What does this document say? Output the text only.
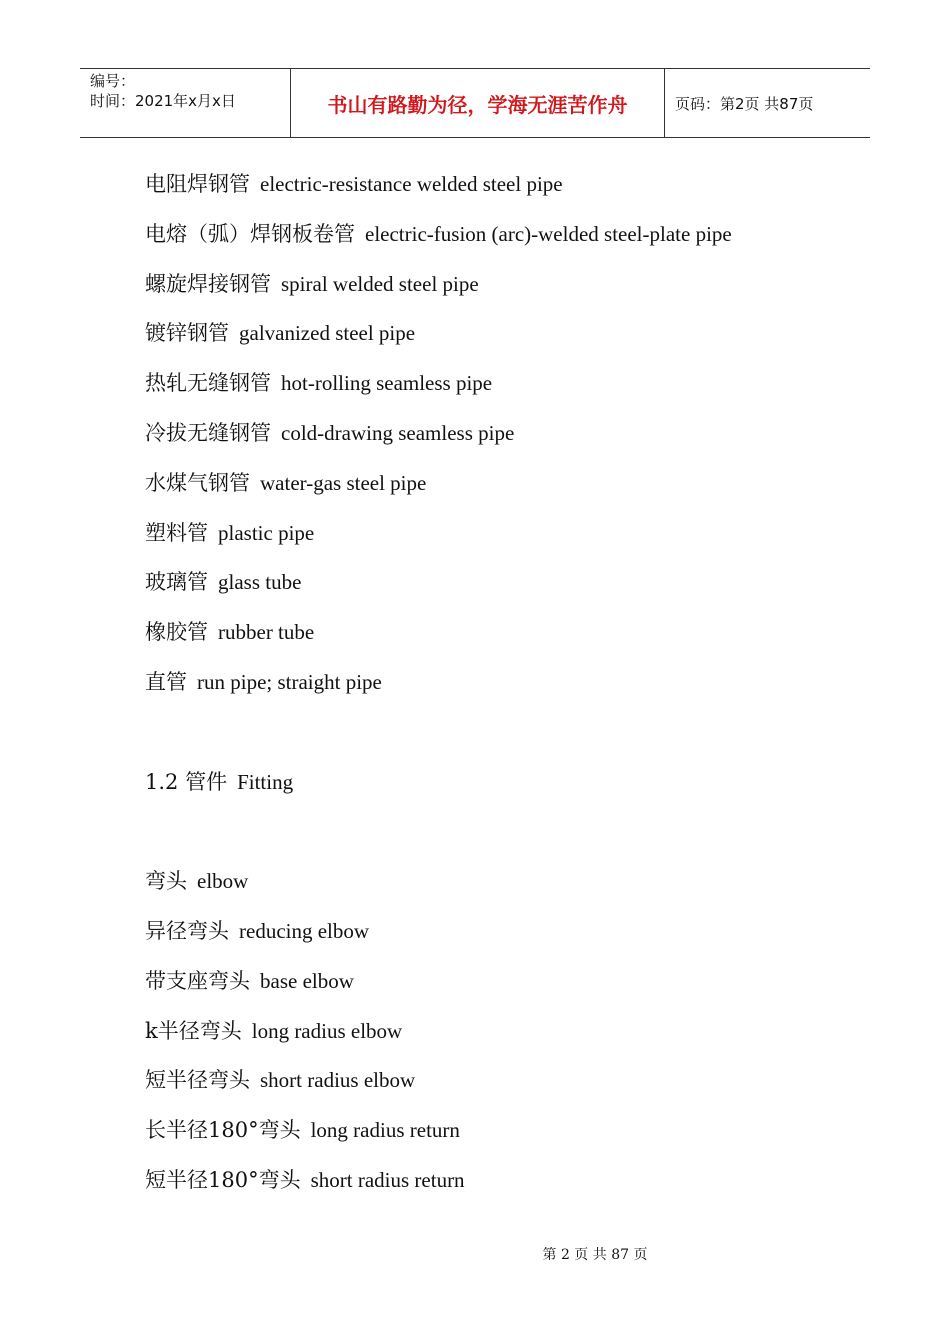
编号：
时间：2021年x月x日	书山有路勤为径，学海无涯苦作舟	页码：第2页 共87页
电阻焊钢管 electric-resistance welded steel pipe
电熔（弧）焊钢板卷管 electric-fusion (arc)-welded steel-plate pipe
螺旋焊接钢管 spiral welded steel pipe
镀锌钢管 galvanized steel pipe
热轧无缝钢管 hot-rolling seamless pipe
冷拔无缝钢管 cold-drawing seamless pipe
水煤气钢管 water-gas steel pipe
塑料管 plastic pipe
玻璃管 glass tube
橡胶管 rubber tube
直管 run pipe; straight pipe
1.2 管件 Fitting
弯头 elbow
异径弯头 reducing elbow
带支座弯头 base elbow
k半径弯头 long radius elbow
短半径弯头 short radius elbow
长半径180°弯头 long radius return
短半径180°弯头 short radius return
第 2 页 共 87 页
